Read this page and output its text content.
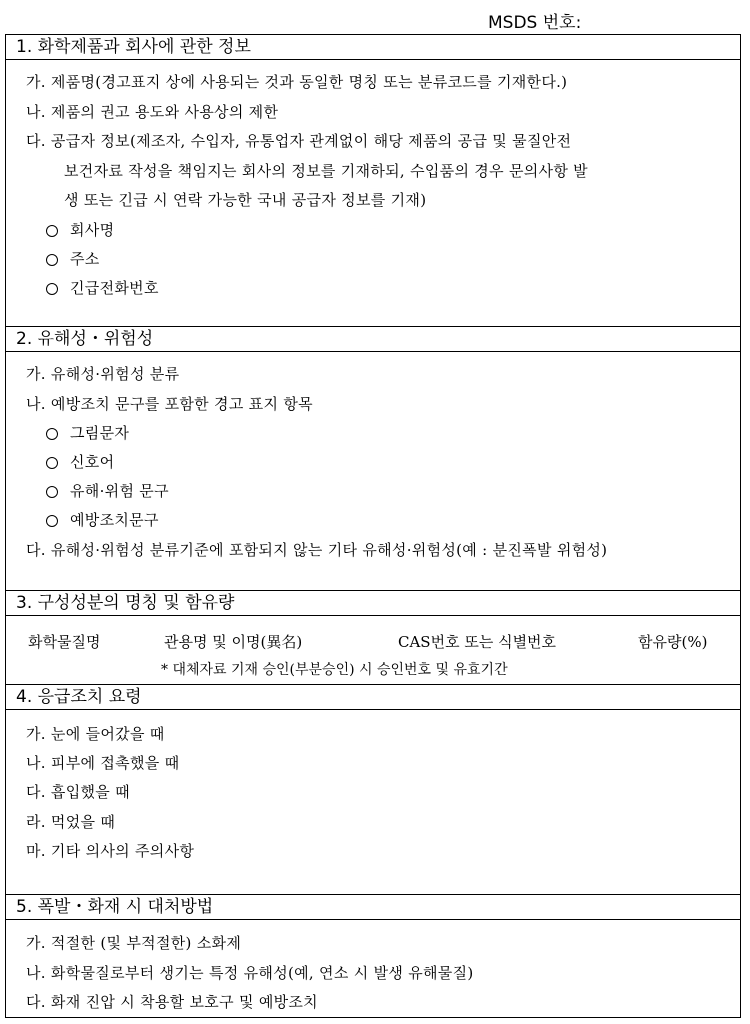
MSDS 번호:
1. 화학제품과 회사에 관한 정보
가. 제품명(경고표지 상에 사용되는 것과 동일한 명칭 또는 분류코드를 기재한다.)
나. 제품의 권고 용도와 사용상의 제한
다. 공급자 정보(제조자, 수입자, 유통업자 관계없이 해당 제품의 공급 및 물질안전
보건자료 작성을 책임지는 회사의 정보를 기재하되, 수입품의 경우 문의사항 발
생 또는 긴급 시 연락 가능한 국내 공급자 정보를 기재)
회사명
주소
긴급전화번호
2. 유해성・위험성
가. 유해성·위험성 분류
나. 예방조치 문구를 포함한 경고 표지 항목
그림문자
신호어
유해·위험 문구
예방조치문구
다. 유해성·위험성 분류기준에 포함되지 않는 기타 유해성·위험성(예 : 분진폭발 위험성)
3. 구성성분의 명칭 및 함유량
화학물질명	관용명 및 이명(異名)	CAS번호 또는 식별번호	함유량(%)
* 대체자료 기재 승인(부분승인) 시 승인번호 및 유효기간
4. 응급조치 요령
가. 눈에 들어갔을 때
나. 피부에 접촉했을 때
다. 흡입했을 때
라. 먹었을 때
마. 기타 의사의 주의사항
5. 폭발・화재 시 대처방법
가. 적절한 (및 부적절한) 소화제
나. 화학물질로부터 생기는 특정 유해성(예, 연소 시 발생 유해물질)
다. 화재 진압 시 착용할 보호구 및 예방조치
